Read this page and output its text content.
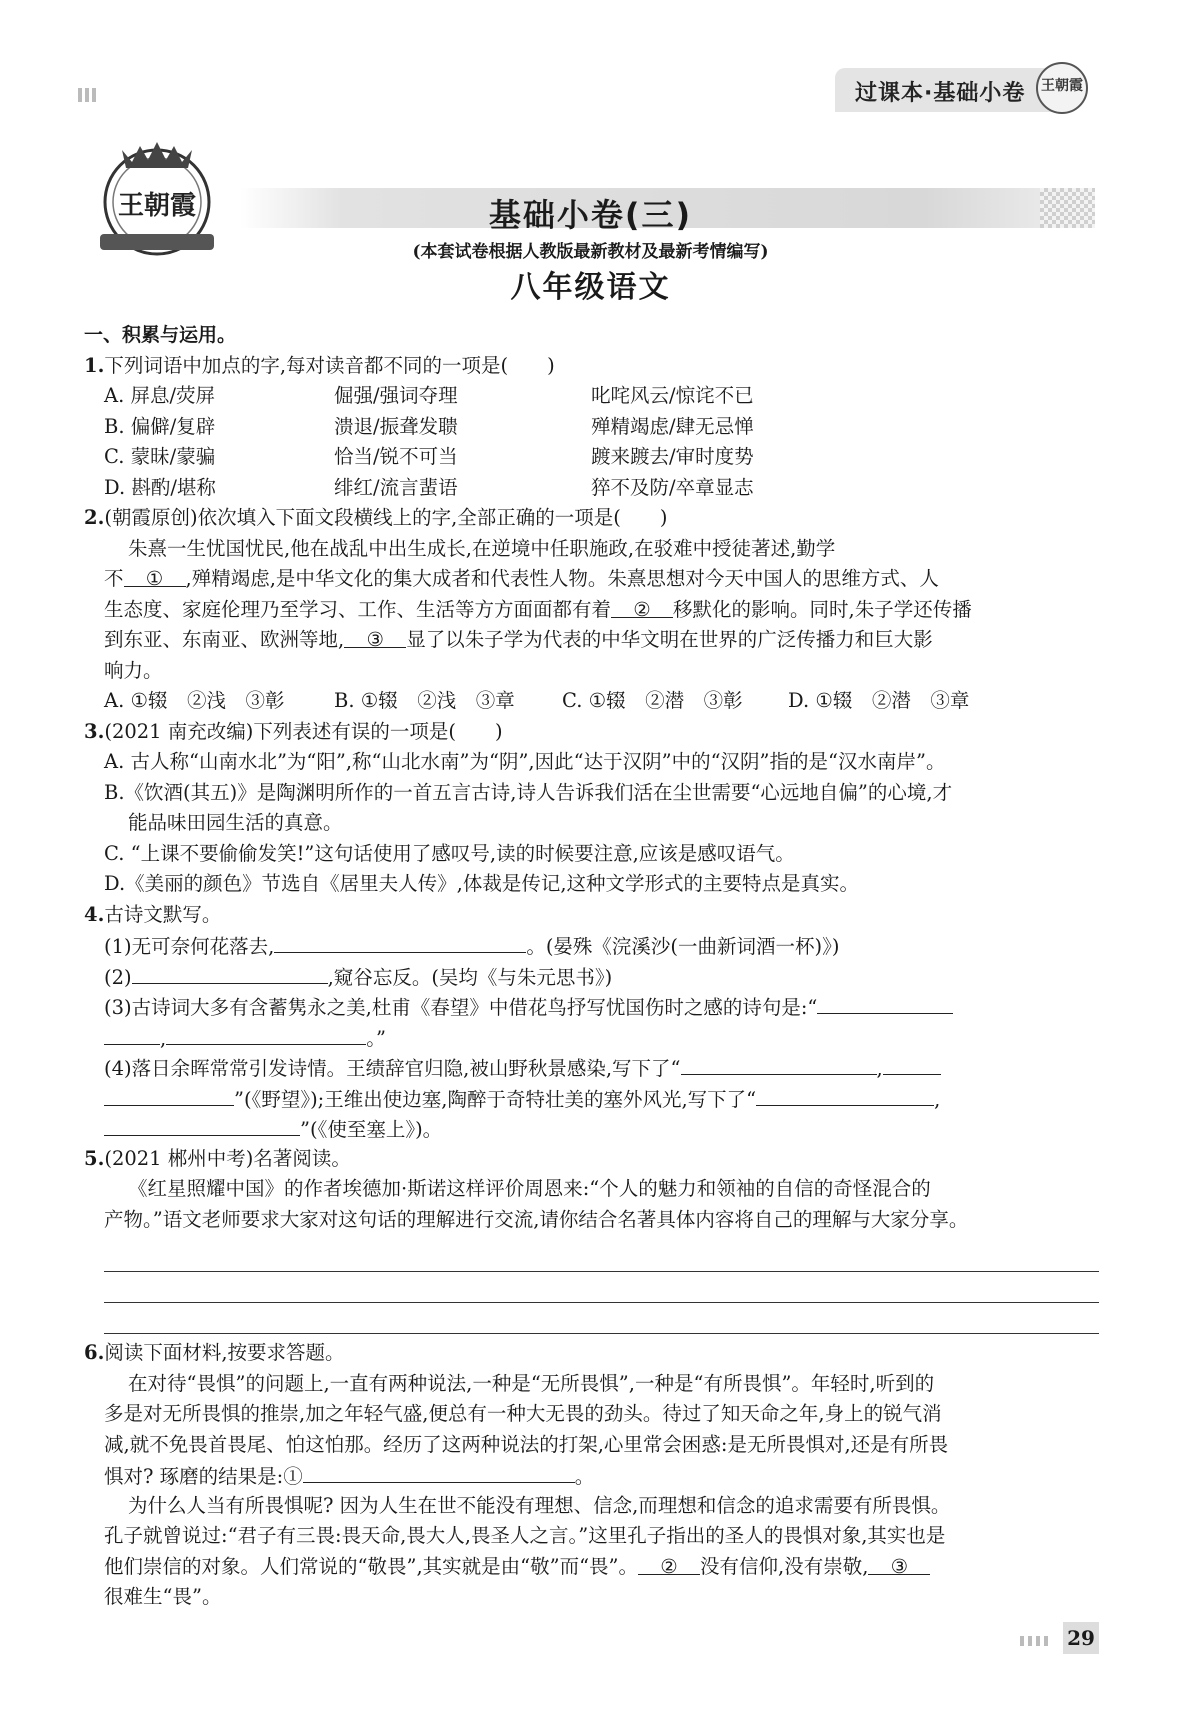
过课本·基础小卷	王朝霞
王朝霞	基础小卷(三)
(本套试卷根据人教版最新教材及最新考情编写)
八年级语文
一、积累与运用。
1.下列词语中加点的字,每对读音都不同的一项是(　　)
A. 屏息/荧屏	倔强/强词夺理	叱咤风云/惊诧不已
B. 偏僻/复辟	溃退/振聋发聩	殚精竭虑/肆无忌惮
C. 蒙昧/蒙骗	恰当/锐不可当	踱来踱去/审时度势
D. 斟酌/堪称	绯红/流言蜚语	猝不及防/卒章显志
2.(朝霞原创)依次填入下面文段横线上的字,全部正确的一项是(　　)
朱熹一生忧国忧民,他在战乱中出生成长,在逆境中任职施政,在驳难中授徒著述,勤学
不 ① ,殚精竭虑,是中华文化的集大成者和代表性人物。朱熹思想对今天中国人的思维方式、人
生态度、家庭伦理乃至学习、工作、生活等方方面面都有着 ② 移默化的影响。同时,朱子学还传播
到东亚、东南亚、欧洲等地, ③ 显了以朱子学为代表的中华文明在世界的广泛传播力和巨大影
响力。
A. ①辍　②浅　③彰	B. ①辍　②浅　③章	C. ①辍　②潜　③彰	D. ①辍　②潜　③章
3.(2021 南充改编)下列表述有误的一项是(　　)
A. 古人称“山南水北”为“阳”,称“山北水南”为“阴”,因此“达于汉阴”中的“汉阴”指的是“汉水南岸”。
B.《饮酒(其五)》是陶渊明所作的一首五言古诗,诗人告诉我们活在尘世需要“心远地自偏”的心境,才
能品味田园生活的真意。
C. “上课不要偷偷发笑!”这句话使用了感叹号,读的时候要注意,应该是感叹语气。
D.《美丽的颜色》节选自《居里夫人传》,体裁是传记,这种文学形式的主要特点是真实。
4.古诗文默写。
(1)无可奈何花落去,	。(晏殊《浣溪沙(一曲新词酒一杯)》)
(2)	,窥谷忘反。(吴均《与朱元思书》)
(3)古诗词大多有含蓄隽永之美,杜甫《春望》中借花鸟抒写忧国伤时之感的诗句是:“
,	。”
(4)落日余晖常常引发诗情。王绩辞官归隐,被山野秋景感染,写下了“	,
”(《野望》);王维出使边塞,陶醉于奇特壮美的塞外风光,写下了“	,
”(《使至塞上》)。
5.(2021 郴州中考)名著阅读。
《红星照耀中国》的作者埃德加·斯诺这样评价周恩来:“个人的魅力和领袖的自信的奇怪混合的
产物。”语文老师要求大家对这句话的理解进行交流,请你结合名著具体内容将自己的理解与大家分享。
6.阅读下面材料,按要求答题。
在对待“畏惧”的问题上,一直有两种说法,一种是“无所畏惧”,一种是“有所畏惧”。年轻时,听到的
多是对无所畏惧的推崇,加之年轻气盛,便总有一种大无畏的劲头。待过了知天命之年,身上的锐气消
减,就不免畏首畏尾、怕这怕那。经历了这两种说法的打架,心里常会困惑:是无所畏惧对,还是有所畏
惧对? 琢磨的结果是:①	。
为什么人当有所畏惧呢? 因为人生在世不能没有理想、信念,而理想和信念的追求需要有所畏惧。
孔子就曾说过:“君子有三畏:畏天命,畏大人,畏圣人之言。”这里孔子指出的圣人的畏惧对象,其实也是
他们崇信的对象。人们常说的“敬畏”,其实就是由“敬”而“畏”。 ② 没有信仰,没有崇敬, ③
很难生“畏”。
29
